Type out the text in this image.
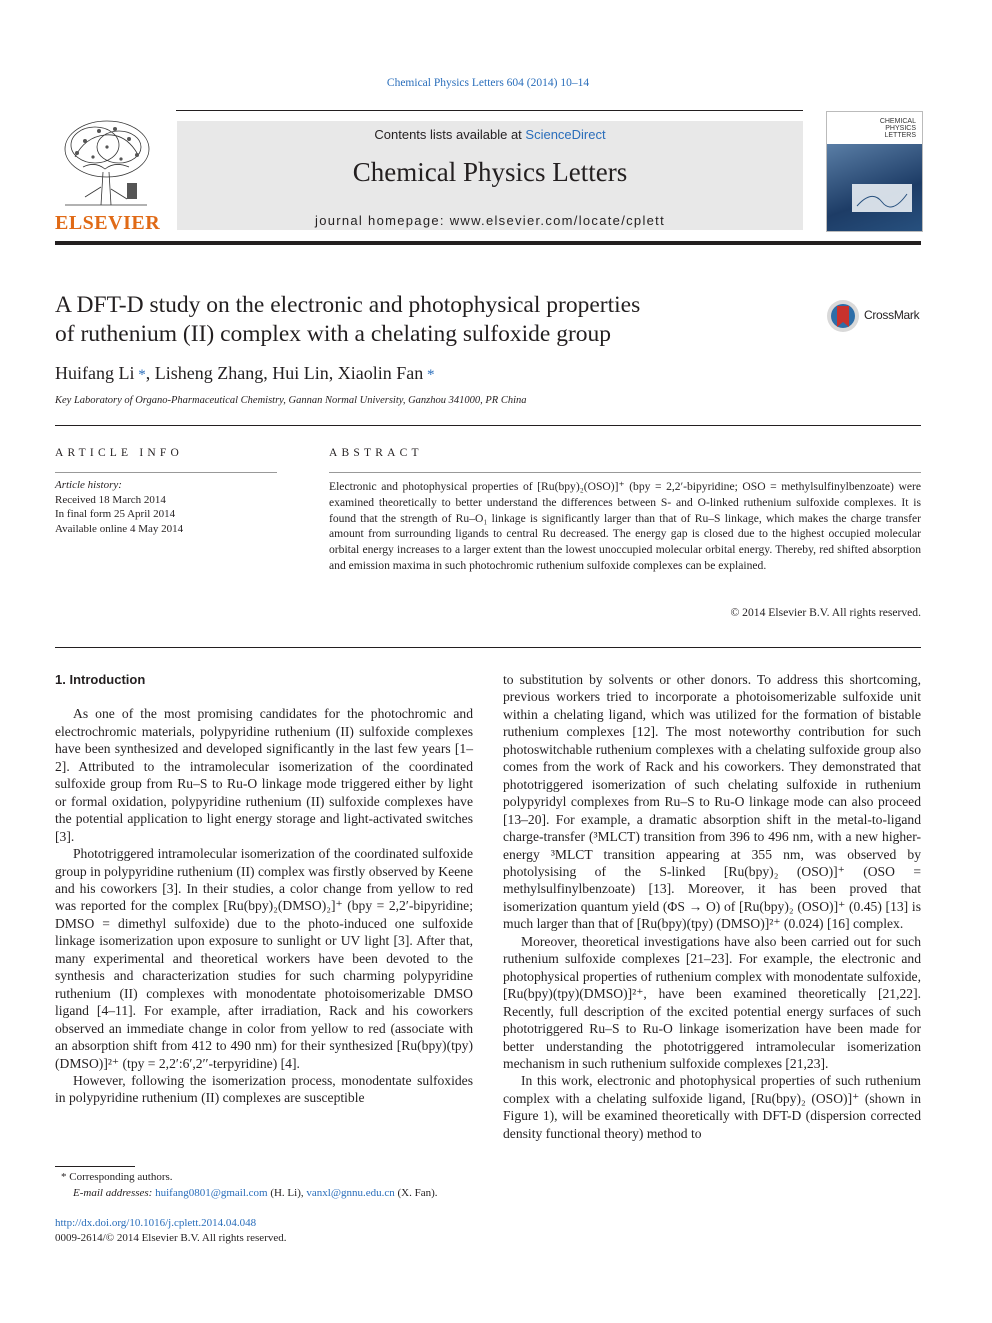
Chemical Physics Letters 604 (2014) 10–14
ELSEVIER
Contents lists available at ScienceDirect
Chemical Physics Letters
journal homepage: www.elsevier.com/locate/cplett
CHEMICAL
PHYSICS
LETTERS
A DFT-D study on the electronic and photophysical properties
of ruthenium (II) complex with a chelating sulfoxide group
CrossMark
Huifang Li *, Lisheng Zhang, Hui Lin, Xiaolin Fan *
Key Laboratory of Organo-Pharmaceutical Chemistry, Gannan Normal University, Ganzhou 341000, PR China
ARTICLE INFO
Article history:
Received 18 March 2014
In final form 25 April 2014
Available online 4 May 2014
ABSTRACT
Electronic and photophysical properties of [Ru(bpy)₂(OSO)]⁺ (bpy = 2,2′-bipyridine; OSO = methylsulfinylbenzoate) were examined theoretically to better understand the differences between S- and O-linked ruthenium sulfoxide complexes. It is found that the strength of Ru–O₁ linkage is significantly larger than that of Ru–S linkage, which makes the charge transfer amount from surrounding ligands to central Ru decreased. The energy gap is closed due to the highest occupied molecular orbital energy increases to a larger extent than the lowest unoccupied molecular orbital energy. Thereby, red shifted absorption and emission maxima in such photochromic ruthenium sulfoxide complexes can be explained.
© 2014 Elsevier B.V. All rights reserved.

1. Introduction

As one of the most promising candidates for the photochromic and electrochromic materials, polypyridine ruthenium (II) sulfoxide complexes have been synthesized and developed significantly in the last few years [1–2]. Attributed to the intramolecular isomerization of the coordinated sulfoxide group from Ru–S to Ru-O linkage mode triggered either by light or formal oxidation, polypyridine ruthenium (II) sulfoxide complexes have the potential application to light energy storage and light-activated switches [3].

Phototriggered intramolecular isomerization of the coordinated sulfoxide group in polypyridine ruthenium (II) complex was firstly observed by Keene and his coworkers [3]. In their studies, a color change from yellow to red was reported for the complex [Ru(bpy)₂(DMSO)₂]⁺ (bpy = 2,2′-bipyridine; DMSO = dimethyl sulfoxide) due to the photo-induced one sulfoxide linkage isomerization upon exposure to sunlight or UV light [3]. After that, many experimental and theoretical workers have been devoted to the synthesis and characterization studies for such charming polypyridine ruthenium (II) complexes with monodentate photoisomerizable DMSO ligand [4–11]. For example, after irradiation, Rack and his coworkers observed an immediate change in color from yellow to red (associate with an absorption shift from 412 to 490 nm) for their synthesized [Ru(bpy)(tpy)(DMSO)]²⁺ (tpy = 2,2′:6′,2′′-terpyridine) [4].

However, following the isomerization process, monodentate sulfoxides in polypyridine ruthenium (II) complexes are susceptible

to substitution by solvents or other donors. To address this shortcoming, previous workers tried to incorporate a photoisomerizable sulfoxide unit within a chelating ligand, which was utilized for the formation of bistable ruthenium complexes [12]. The most noteworthy contribution for such photoswitchable ruthenium complexes with a chelating sulfoxide group also comes from the work of Rack and his coworkers. They demonstrated that phototriggered isomerization of such chelating sulfoxide in ruthenium polypyridyl complexes from Ru–S to Ru-O linkage mode can also proceed [13–20]. For example, a dramatic absorption shift in the metal-to-ligand charge-transfer (³MLCT) transition from 396 to 496 nm, with a new higher-energy ³MLCT transition appearing at 355 nm, was observed by photolysising of the S-linked [Ru(bpy)₂ (OSO)]⁺ (OSO = methylsulfinylbenzoate) [13]. Moreover, it has been proved that isomerization quantum yield (ΦS → O) of [Ru(bpy)₂ (OSO)]⁺ (0.45) [13] is much larger than that of [Ru(bpy)(tpy) (DMSO)]²⁺ (0.024) [16] complex.

Moreover, theoretical investigations have also been carried out for such ruthenium sulfoxide complexes [21–23]. For example, the electronic and photophysical properties of ruthenium complex with monodentate sulfoxide, [Ru(bpy)(tpy)(DMSO)]²⁺, have been examined theoretically [21,22]. Recently, full description of the excited potential energy surfaces of such phototriggered Ru–S to Ru-O linkage isomerization have been made for better understanding the phototriggered intramolecular isomerization mechanism in such ruthenium sulfoxide complexes [21,23].

In this work, electronic and photophysical properties of such ruthenium complex with a chelating sulfoxide ligand, [Ru(bpy)₂ (OSO)]⁺ (shown in Figure 1), will be examined theoretically with DFT-D (dispersion corrected density functional theory) method to

* Corresponding authors.
E-mail addresses: huifang0801@gmail.com (H. Li), vanxl@gnnu.edu.cn (X. Fan).
http://dx.doi.org/10.1016/j.cplett.2014.04.048
0009-2614/© 2014 Elsevier B.V. All rights reserved.
